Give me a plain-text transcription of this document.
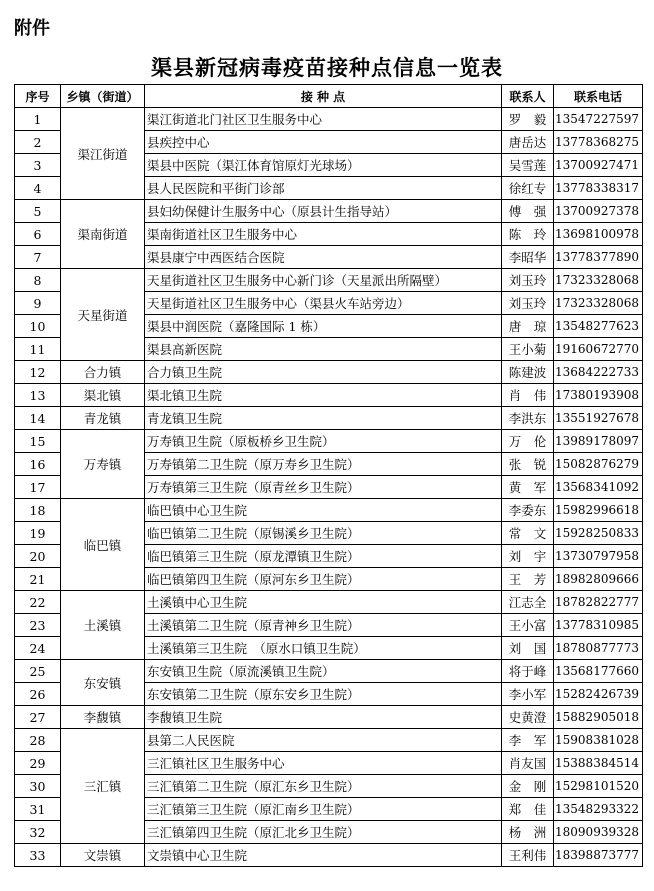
附件
渠县新冠病毒疫苗接种点信息一览表
序号	乡镇（街道）	接 种 点	联系人	联系电话
1	渠江街道	渠江街道北门社区卫生服务中心	罗　毅	13547227597
2		县疾控中心	唐岳达	13778368275
3		渠县中医院（渠江体育馆原灯光球场）	吴雪莲	13700927471
4		县人民医院和平街门诊部	徐红专	13778338317
5	渠南街道	县妇幼保健计生服务中心（原县计生指导站）	傅　强	13700927378
6		渠南街道社区卫生服务中心	陈　玲	13698100978
7		渠县康宁中西医结合医院	李昭华	13778377890
8	天星街道	天星街道社区卫生服务中心新门诊（天星派出所隔壁）	刘玉玲	17323328068
9		天星街道社区卫生服务中心（渠县火车站旁边）	刘玉玲	17323328068
10		渠县中润医院（嘉隆国际 1 栋）	唐　琼	13548277623
11		渠县高新医院	王小菊	19160672770
12	合力镇	合力镇卫生院	陈建波	13684222733
13	渠北镇	渠北镇卫生院	肖　伟	17380193908
14	青龙镇	青龙镇卫生院	李洪东	13551927678
15	万寿镇	万寿镇卫生院（原板桥乡卫生院）	万　伦	13989178097
16		万寿镇第二卫生院（原万寿乡卫生院）	张　锐	15082876279
17		万寿镇第三卫生院（原青丝乡卫生院）	黄　军	13568341092
18	临巴镇	临巴镇中心卫生院	李委东	15982996618
19		临巴镇第二卫生院（原锡溪乡卫生院）	常　文	15928250833
20		临巴镇第三卫生院（原龙潭镇卫生院）	刘　宇	13730797958
21		临巴镇第四卫生院（原河东乡卫生院）	王　芳	18982809666
22	土溪镇	土溪镇中心卫生院	江志全	18782822777
23		土溪镇第二卫生院（原青神乡卫生院）	王小富	13778310985
24		土溪镇第三卫生院　（原水口镇卫生院）	刘　国	18780877773
25	东安镇	东安镇卫生院（原流溪镇卫生院）	将于峰	13568177660
26		东安镇第二卫生院（原东安乡卫生院）	李小军	15282426739
27	李馥镇	李馥镇卫生院	史黄澄	15882905018
28	三汇镇	县第二人民医院	李　军	15908381028
29		三汇镇社区卫生服务中心	肖友国	15388384514
30		三汇镇第二卫生院（原汇东乡卫生院）	金　刚	15298101520
31		三汇镇第三卫生院（原汇南乡卫生院）	郑　佳	13548293322
32		三汇镇第四卫生院（原汇北乡卫生院）	杨　洲	18090939328
33	文崇镇	文崇镇中心卫生院	王利伟	18398873777
